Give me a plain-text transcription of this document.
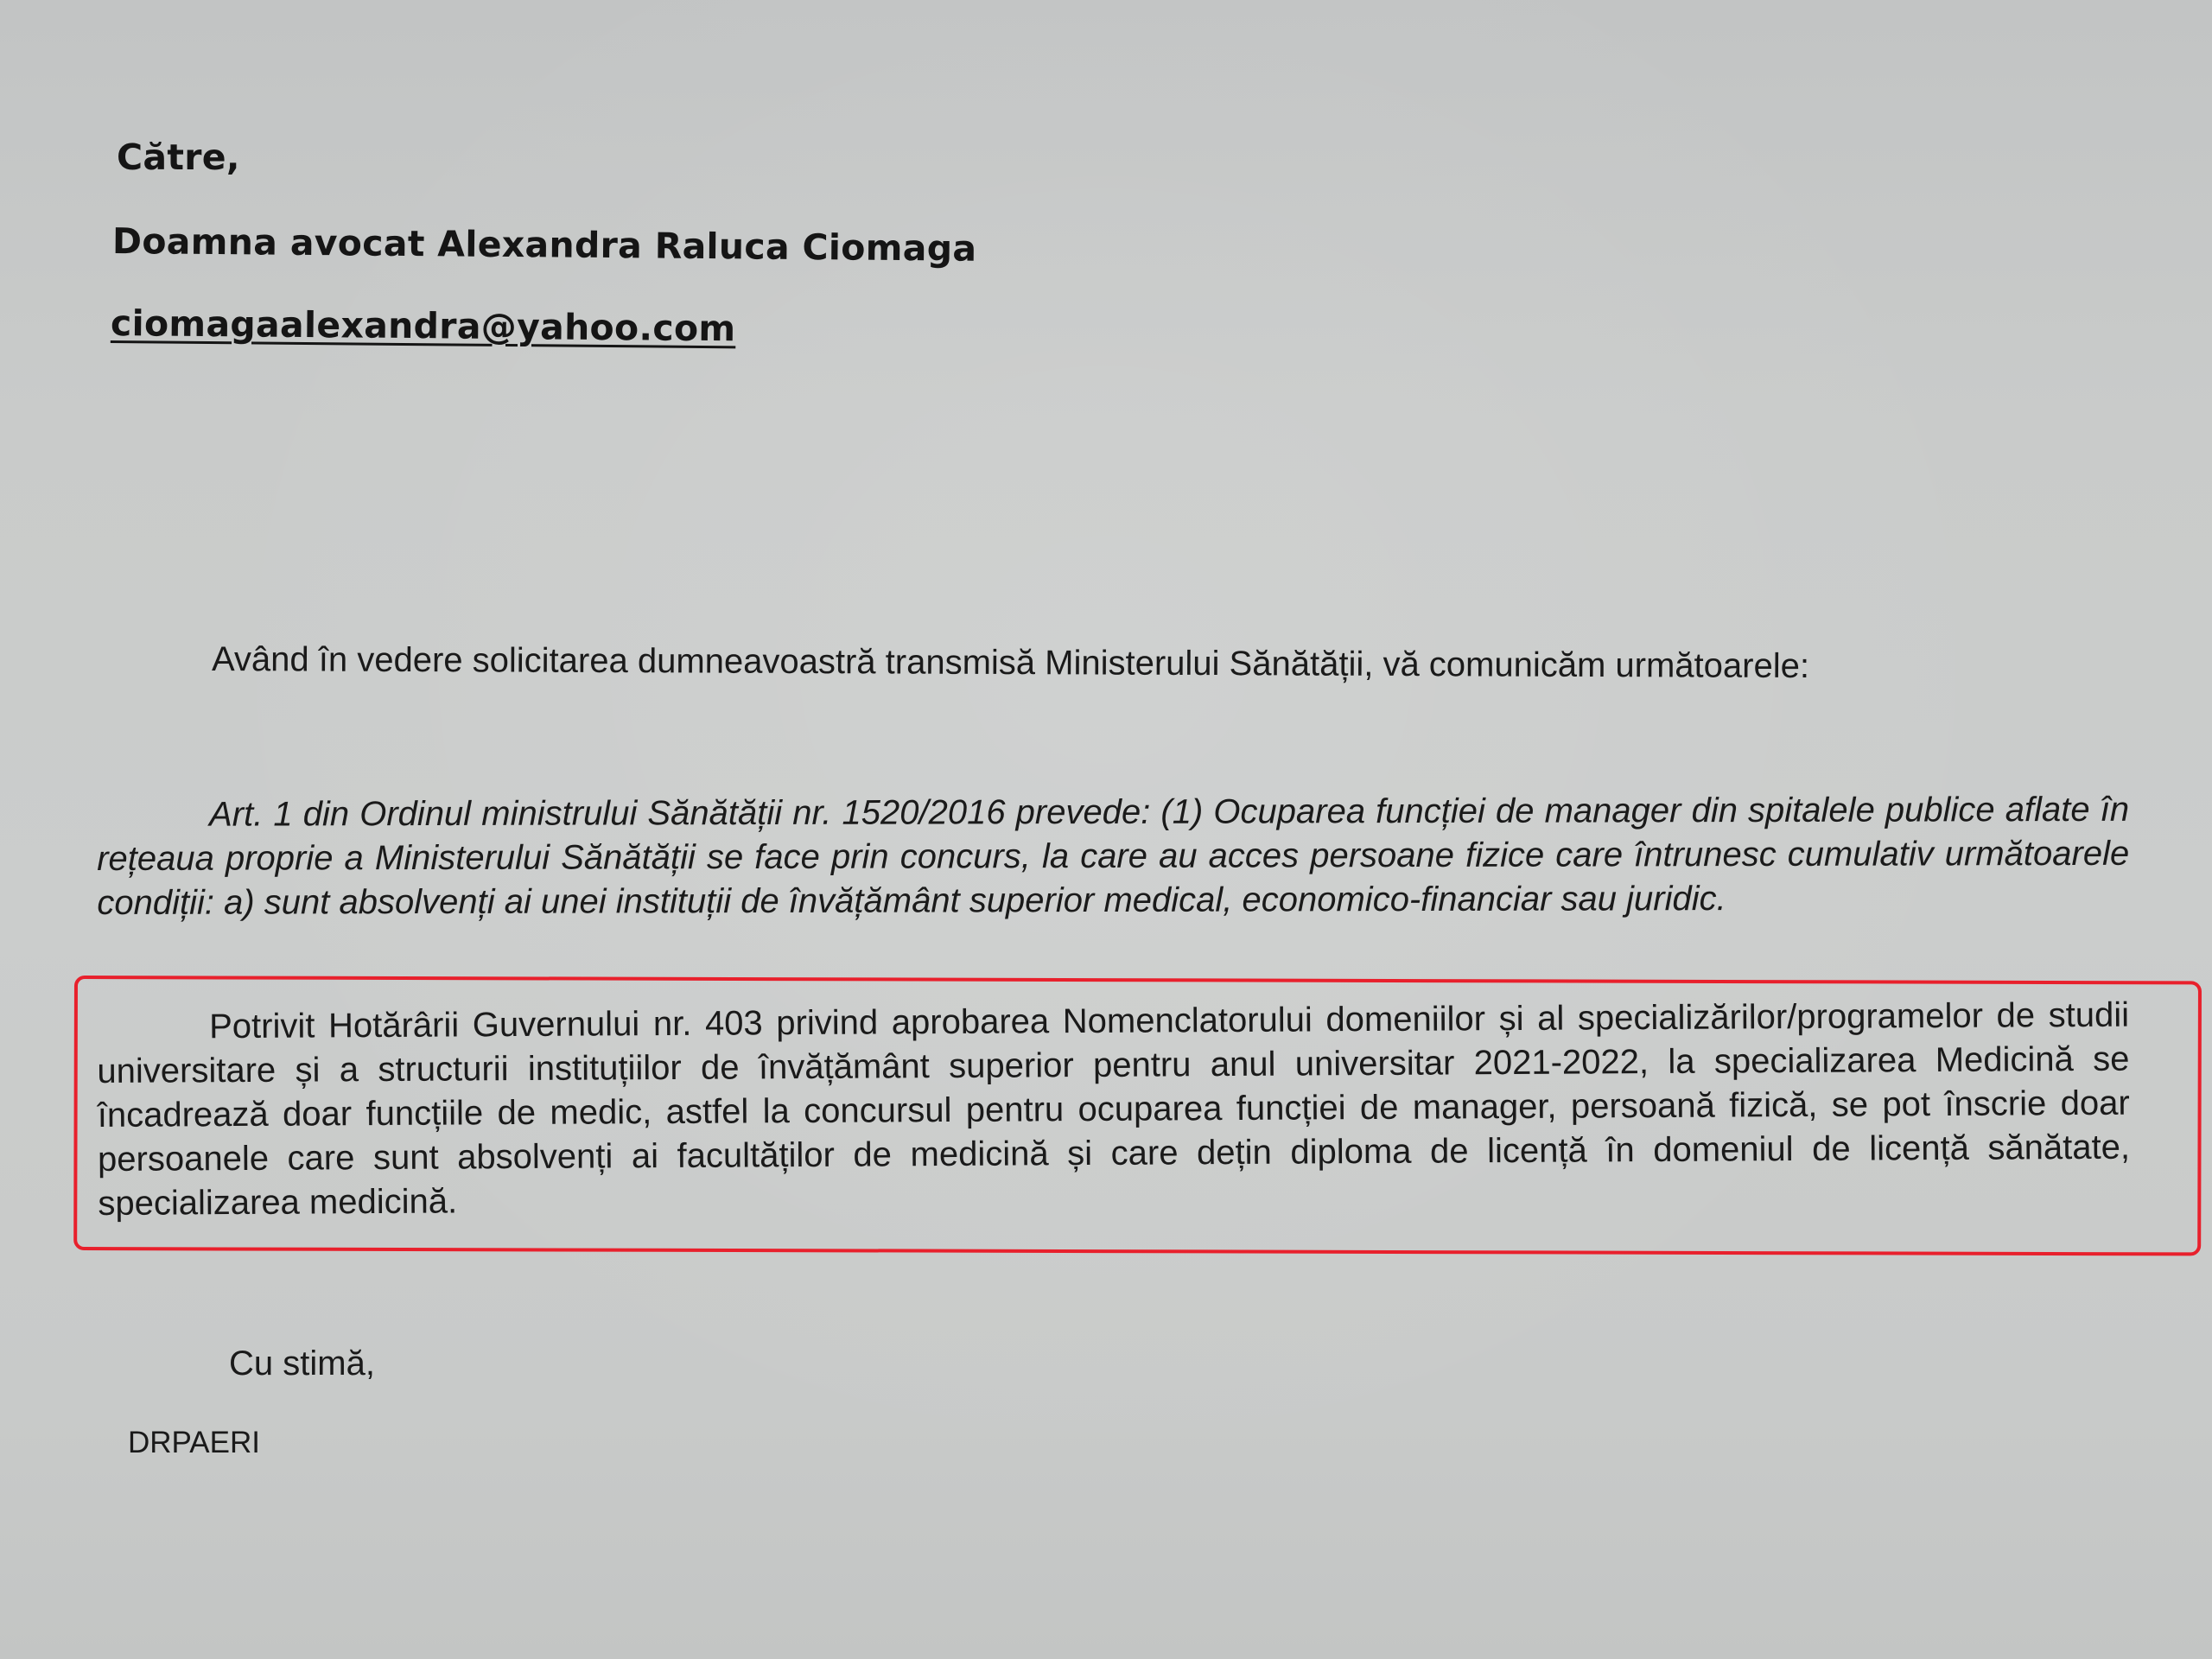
Către,
Doamna avocat Alexandra Raluca Ciomaga
ciomagaalexandra@yahoo.com
Având în vedere solicitarea dumneavoastră transmisă Ministerului Sănătății, vă comunicăm următoarele:

Art. 1 din Ordinul ministrului Sănătății nr. 1520/2016 prevede: (1) Ocuparea funcției de manager din spitalele publice aflate în rețeaua proprie a Ministerului Sănătății se face prin concurs, la care au acces persoane fizice care întrunesc cumulativ următoarele condiții: a) sunt absolvenți ai unei instituții de învățământ superior medical, economico-financiar sau juridic.

Potrivit Hotărârii Guvernului nr. 403 privind aprobarea Nomenclatorului domeniilor și al specializărilor/programelor de studii universitare și a structurii instituțiilor de învățământ superior pentru anul universitar 2021-2022, la specializarea Medicină se încadrează doar funcțiile de medic, astfel la concursul pentru ocuparea funcției de manager, persoană fizică, se pot înscrie doar persoanele care sunt absolvenți ai facultăților de medicină și care dețin diploma de licență în domeniul de licență sănătate, specializarea medicină.

Cu stimă,
DRPAERI
